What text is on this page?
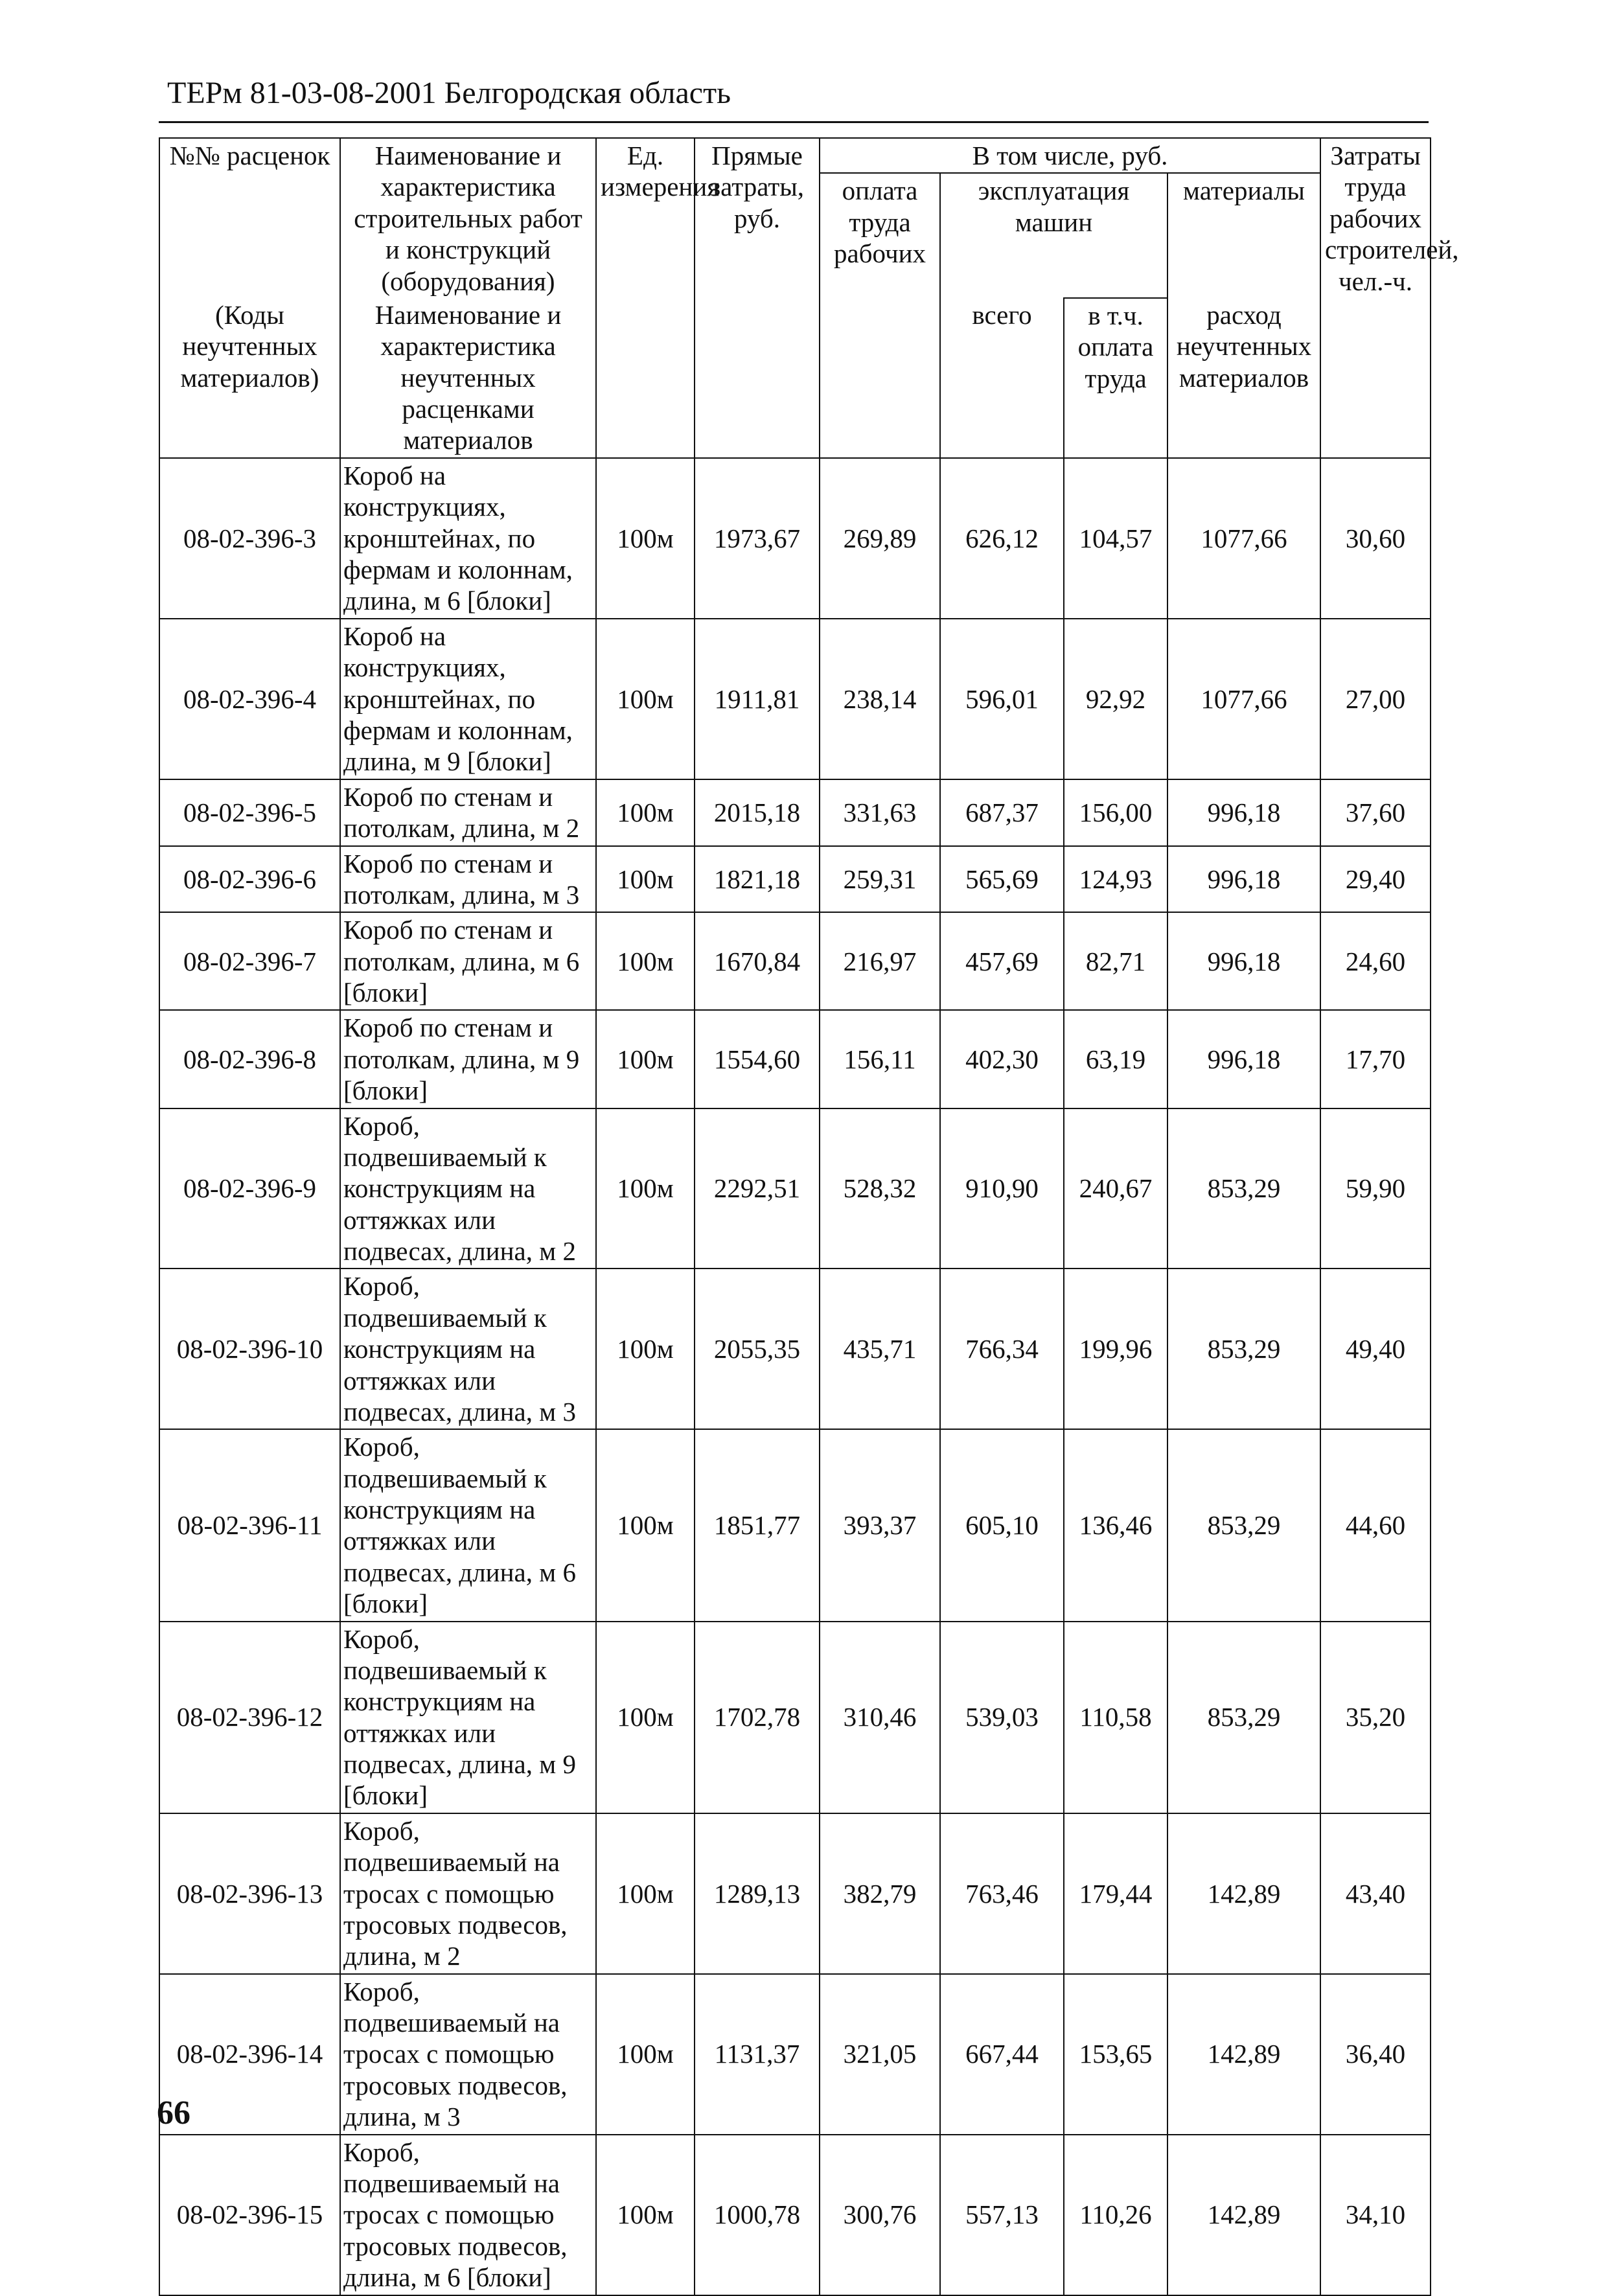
ТЕРм 81-03-08-2001 Белгородская область
№№ расценок	Наименование и характеристика строительных работ и конструкций (оборудования)	Ед. измерения	Прямые затраты, руб.	В том числе, руб.				Затраты труда рабочих строителей, чел.-ч.
				оплата труда рабочих	эксплуатация машин		материалы	
(Коды неучтенных материалов)	Наименование и характеристика неучтенных расценками материалов				всего	в т.ч. оплата труда	расход неучтенных материалов	
08-02-396-3	Короб на конструкциях, кронштейнах, по фермам и колоннам, длина, м 6 [блоки]	100м	1973,67	269,89	626,12	104,57	1077,66	30,60
08-02-396-4	Короб на конструкциях, кронштейнах, по фермам и колоннам, длина, м 9 [блоки]	100м	1911,81	238,14	596,01	92,92	1077,66	27,00
08-02-396-5	Короб по стенам и потолкам, длина, м 2	100м	2015,18	331,63	687,37	156,00	996,18	37,60
08-02-396-6	Короб по стенам и потолкам, длина, м 3	100м	1821,18	259,31	565,69	124,93	996,18	29,40
08-02-396-7	Короб по стенам и потолкам, длина, м 6 [блоки]	100м	1670,84	216,97	457,69	82,71	996,18	24,60
08-02-396-8	Короб по стенам и потолкам, длина, м 9 [блоки]	100м	1554,60	156,11	402,30	63,19	996,18	17,70
08-02-396-9	Короб, подвешиваемый к конструкциям на оттяжках или подвесах, длина, м 2	100м	2292,51	528,32	910,90	240,67	853,29	59,90
08-02-396-10	Короб, подвешиваемый к конструкциям на оттяжках или подвесах, длина, м 3	100м	2055,35	435,71	766,34	199,96	853,29	49,40
08-02-396-11	Короб, подвешиваемый к конструкциям на оттяжках или подвесах, длина, м 6 [блоки]	100м	1851,77	393,37	605,10	136,46	853,29	44,60
08-02-396-12	Короб, подвешиваемый к конструкциям на оттяжках или подвесах, длина, м 9 [блоки]	100м	1702,78	310,46	539,03	110,58	853,29	35,20
08-02-396-13	Короб, подвешиваемый на тросах с помощью тросовых подвесов, длина, м 2	100м	1289,13	382,79	763,46	179,44	142,89	43,40
08-02-396-14	Короб, подвешиваемый на тросах с помощью тросовых подвесов, длина, м 3	100м	1131,37	321,05	667,44	153,65	142,89	36,40
08-02-396-15	Короб, подвешиваемый на тросах с помощью тросовых подвесов, длина, м 6 [блоки]	100м	1000,78	300,76	557,13	110,26	142,89	34,10
66
